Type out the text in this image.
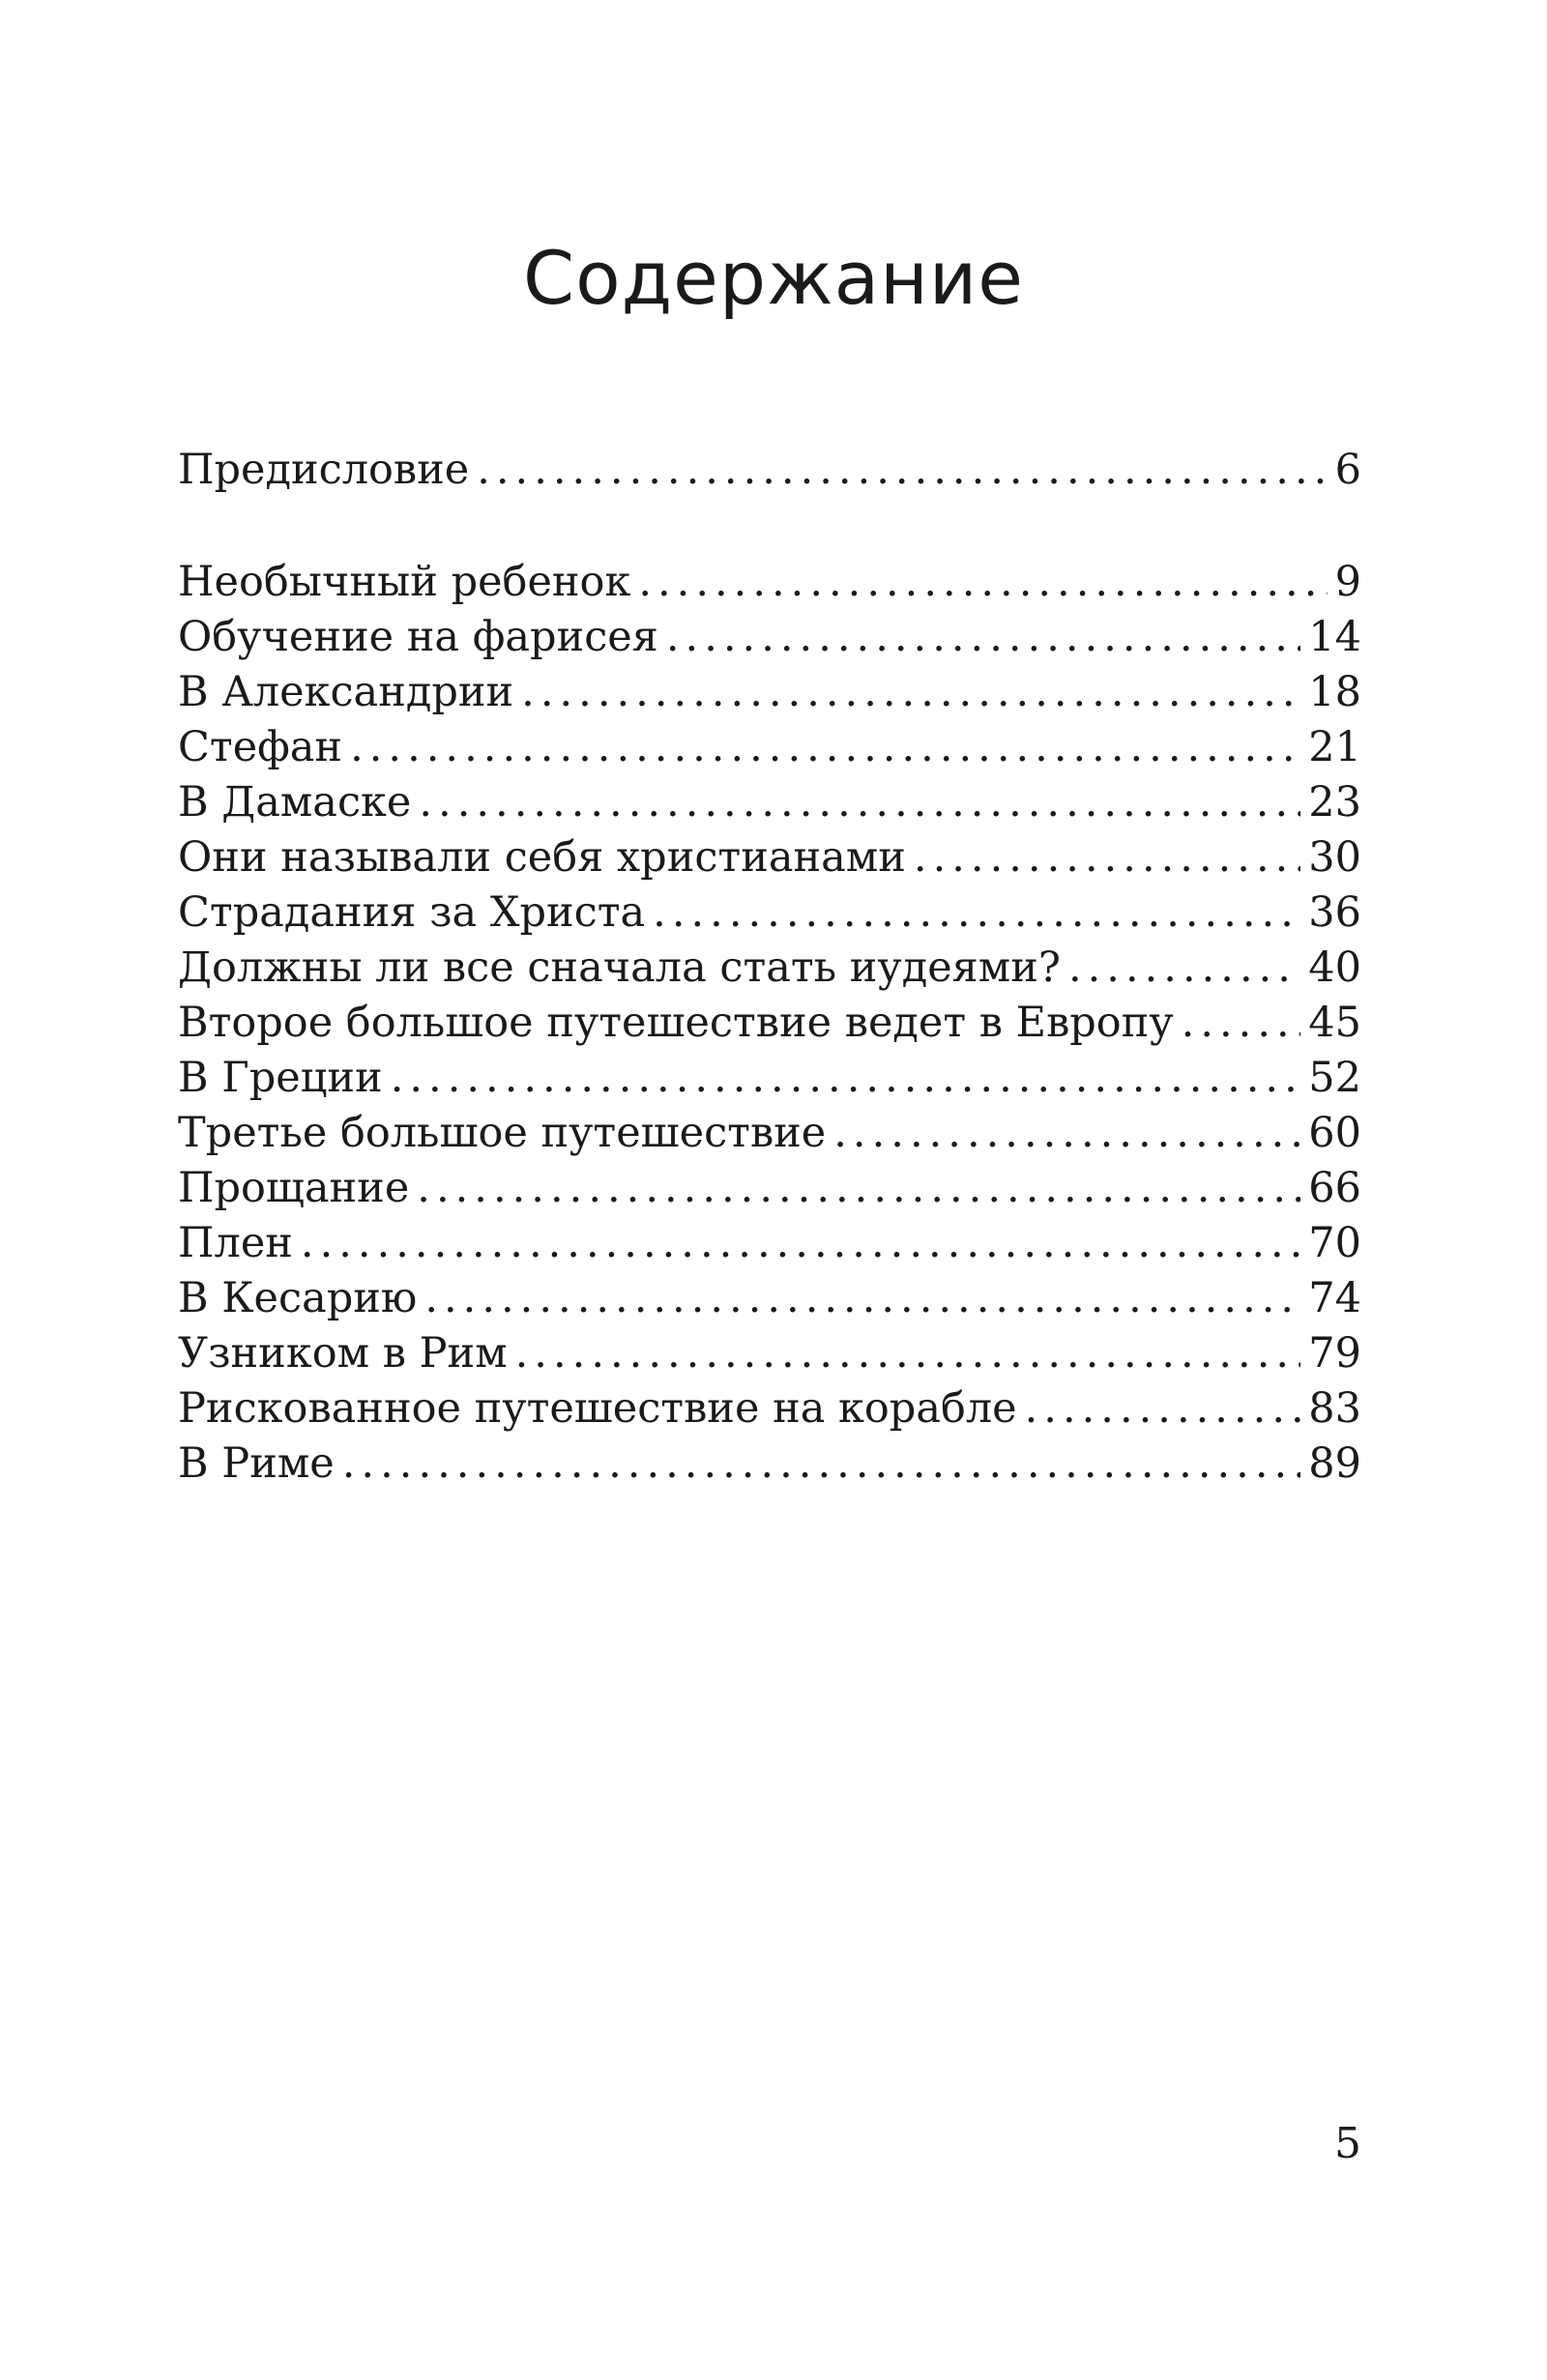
Содержание
Предисловие .....	6
Необычный ребенок .....	9
Обучение на фарисея .....	14
В Александрии .....	18
Стефан .....	21
В Дамаске .....	23
Они называли себя христианами .....	30
Страдания за Христа .....	36
Должны ли все сначала стать иудеями? .....	40
Второе большое путешествие ведет в Европу .....	45
В Греции .....	52
Третье большое путешествие .....	60
Прощание .....	66
Плен .....	70
В Кесарию .....	74
Узником в Рим .....	79
Рискованное путешествие на корабле .....	83
В Риме .....	89
5
